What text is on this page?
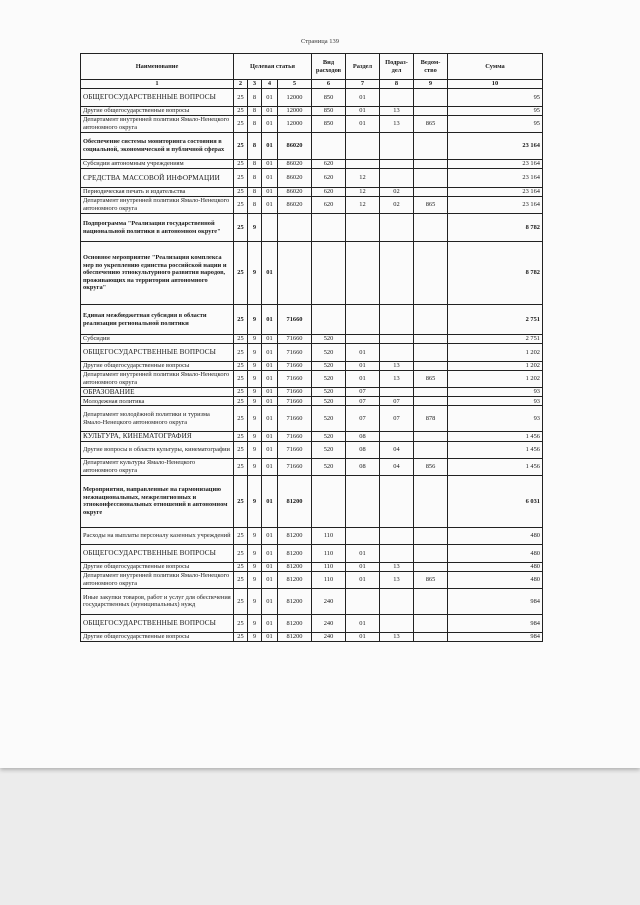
Страница 139
Наименование	Целевая статья				Вид расходов	Раздел	Подраз-дел	Ведом-ство	Сумма
1	2	3	4	5	6	7	8	9	10
ОБЩЕГОСУДАРСТВЕННЫЕ ВОПРОСЫ	25	8	01	12000	850	01			95
Другие общегосударственные вопросы	25	8	01	12000	850	01	13		95
Департамент внутренней политики Ямало-Ненецкого автономного округа	25	8	01	12000	850	01	13	865	95
Обеспечение системы мониторинга состояния в социальной, экономической и публичной сферах	25	8	01	86020					23 164
Субсидии автономным учреждениям	25	8	01	86020	620				23 164
СРЕДСТВА МАССОВОЙ ИНФОРМАЦИИ	25	8	01	86020	620	12			23 164
Периодическая печать и издательства	25	8	01	86020	620	12	02		23 164
Департамент внутренней политики Ямало-Ненецкого автономного округа	25	8	01	86020	620	12	02	865	23 164
Подпрограмма "Реализация государственной национальной политики в автономном округе"	25	9							8 782
Основное мероприятие "Реализация комплекса мер по укреплению единства российской нации и обеспечению этнокультурного развития народов, проживающих на территории автономного округа"	25	9	01						8 782
Единая межбюджетная субсидия в области реализации региональной политики	25	9	01	71660					2 751
Субсидии	25	9	01	71660	520				2 751
ОБЩЕГОСУДАРСТВЕННЫЕ ВОПРОСЫ	25	9	01	71660	520	01			1 202
Другие общегосударственные вопросы	25	9	01	71660	520	01	13		1 202
Департамент внутренней политики Ямало-Ненецкого автономного округа	25	9	01	71660	520	01	13	865	1 202
ОБРАЗОВАНИЕ	25	9	01	71660	520	07			93
Молодежная политика	25	9	01	71660	520	07	07		93
Департамент молодёжной политики и туризма Ямало-Ненецкого автономного округа	25	9	01	71660	520	07	07	878	93
КУЛЬТУРА, КИНЕМАТОГРАФИЯ	25	9	01	71660	520	08			1 456
Другие вопросы в области культуры, кинематографии	25	9	01	71660	520	08	04		1 456
Департамент культуры Ямало-Ненецкого автономного округа	25	9	01	71660	520	08	04	856	1 456
Мероприятия, направленные на гармонизацию межнациональных, межрелигиозных и этноконфессиональных отношений в автономном округе	25	9	01	81200					6 031
Расходы на выплаты персоналу казенных учреждений	25	9	01	81200	110				480
ОБЩЕГОСУДАРСТВЕННЫЕ ВОПРОСЫ	25	9	01	81200	110	01			480
Другие общегосударственные вопросы	25	9	01	81200	110	01	13		480
Департамент внутренней политики Ямало-Ненецкого автономного округа	25	9	01	81200	110	01	13	865	480
Иные закупки товаров, работ и услуг для обеспечения государственных (муниципальных) нужд	25	9	01	81200	240				984
ОБЩЕГОСУДАРСТВЕННЫЕ ВОПРОСЫ	25	9	01	81200	240	01			984
Другие общегосударственные вопросы	25	9	01	81200	240	01	13		984
